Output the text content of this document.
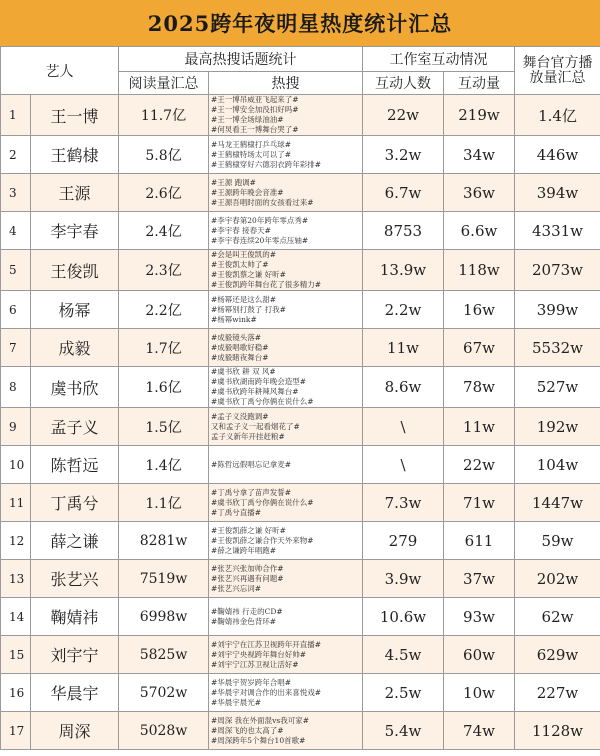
2025跨年夜明星热度统计汇总
艺人		最高热搜话题统计		工作室互动情况		舞台官方播
放量汇总

		阅读量汇总	热搜	互动人数	互动量	
1	王一博	11.7亿	#王一博吊威亚飞起来了#
#王一博安全加没扣好吗#
#王一博全场绿油油#
#何炅看王一博舞台哭了#	22w	219w	1.4亿
2	王鹤棣	5.8亿	#马龙王鹤棣打乒乓球#
#王鹤棣特场太可以了#
#王鹤棣穿好六德羽衣跨年彩排#	3.2w	34w	446w
3	王源	2.6亿	#王源 跑调#
#王源跨年晚会音准#
#王源吾唱时面的女孩看过来#	6.7w	36w	394w
4	李宇春	2.4亿	#李宇春第20年跨年零点秀#
#李宇春 接春天#
#李宇春连续20年零点压轴#	8753	6.6w	4331w
5	王俊凯	2.3亿	#会是叫王俊凯的#
#王俊凯太帅了#
#王俊凯蔡之谦 好听#
#王俊凯跨年舞台花了很多精力#	13.9w	118w	2073w
6	杨幂	2.2亿	#杨幂还是这么甜#
#杨幂别打鼓了 打我#
#杨幂wink#	2.2w	16w	399w
7	成毅	1.7亿	#成毅镜头落#
#成毅唱歌好稳#
#成毅睹夜舞台#	11w	67w	5532w
8	虞书欣	1.6亿	#虞书欣 耕 双 风#
#虞书欣湖南跨年晚会造型#
#虞书欣跨年耕辣风舞台#
#虞书欣丁禹兮你俩在说什么#	8.6w	78w	527w
9	孟子义	1.5亿	#孟子义没跑调#
又和孟子义一起看烟花了#
孟子义新年开挂赶粮#	\	11w	192w
10	陈哲远	1.4亿	#陈哲远假唱忘记拿麦#	\	22w	104w
11	丁禹兮	1.1亿	#丁禹兮拿了苗声发誓#
#虞书欣丁禹兮你俩在说什么#
#丁禹兮直播#	7.3w	71w	1447w
12	薛之谦	8281w	#王俊凯薛之谦 好听#
#王俊凯薛之谦合作天外来物#
#薛之谦跨年唱跑#	279	611	59w
13	张艺兴	7519w	#张艺兴张加帅合作#
#张艺兴再遇有问题#
#张艺兴忘词#	3.9w	37w	202w
14	鞠婧祎	6998w	#鞠婧祎 行走的CD#
#鞠婧祎金色背环#	10.6w	93w	62w
15	刘宇宁	5825w	#刘宇宁在江苏卫视跨年开直播#
#刘宇宁央视跨年舞台好帅#
#刘宇宁江苏卫视让活好#	4.5w	60w	629w
16	华晨宇	5702w	#华晨宇贺岁跨年合唱#
#华晨宇对调合作的出来喜悦戏#
#华晨宇晨光#	2.5w	10w	227w
17	周深	5028w	#周深 我在外面混vs我可家#
#周深飞的也太高了#
#周深跨年5个舞台10首歌#	5.4w	74w	1128w
